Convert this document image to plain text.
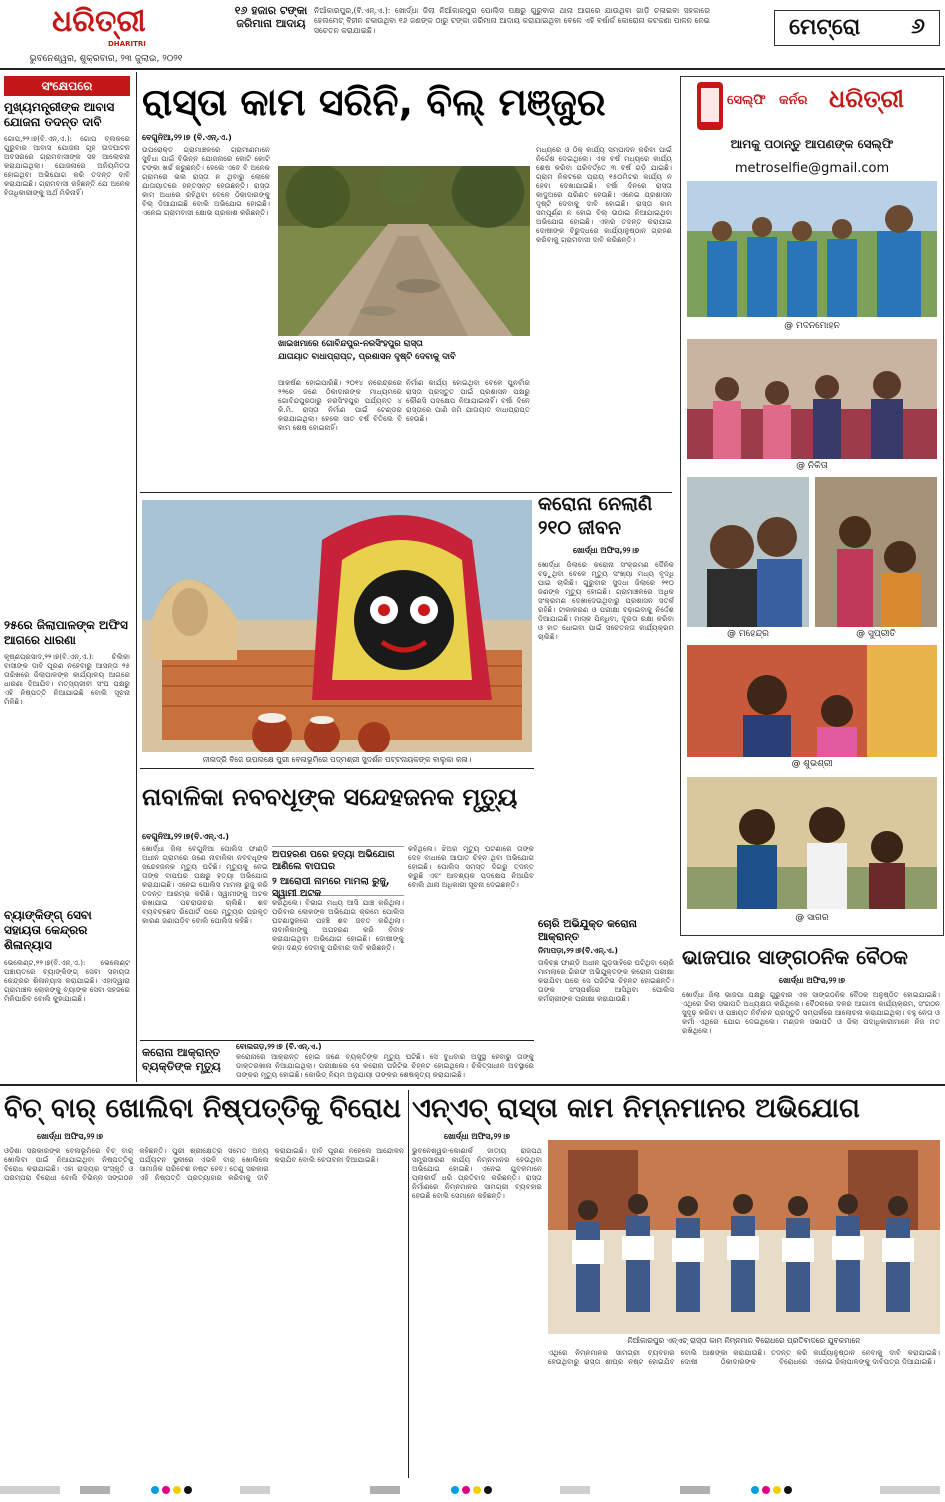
ଧରିତ୍ରୀ
DHARITRI
ଭୁବନେଶ୍ୱର, ଶୁକ୍ରବାର, ୨୩ ଜୁଲାଇ, ୨୦୨୧
୧୬ ହଜାର ଟଙ୍କା ଜରିମାନା ଆଦାୟ
ନିଆଁକାରପୁର,(ବି.ଏନ୍‌.ଏ.): ଖୋର୍ଦ୍ଧା ଜିଲା ନିଆଁକାରପୁର ପୋଲିସ ପକ୍ଷରୁ ଗୁରୁବାର ଥାନା ଆଗରେ ଯାଉଥିବା ଗାଡ଼ି ଚଳାଇବା ସହକାରେ ହେଲମେଟ୍ ବିହୀନ ଚଳାଉଥିବା ୧୬ ଜଣଙ୍କ ଠାରୁ ଟଙ୍କା ଜରିମାନା ଆଦାୟ କରାଯାଇଥିବା ବେଳେ ଏହି ବର୍ଷାର୍କ କୋରୋନା କଟକଣା ପାଳନ ନେଇ ସଚେତନ କରାଯାଇଛି।	ମେଟ୍ରୋ ୬
ସଂକ୍ଷେପରେ
ମୁଖ୍ୟମନ୍ତ୍ରୀଙ୍କ ଆବାସ ଯୋଜନା ତଦନ୍ତ ଦାବି
ଗୋପ,୨୨।୭(ବି.ଏନ୍‌.ଏ.): ଗୋପ ବ୍ଲକରେ ଗୁରୁବାର ଆବାସ ଯୋଜନା ଗୃହ ଉଦଘାଟନ ଅବସରରେ ଗ୍ରାମବାସୀଙ୍କ ସହ ଆଲୋଚନା କରାଯାଇଥିଲା। ଯୋଜନାରେ ଅନିୟମିତତା ହୋଇଥିବା ଅଭିଯୋଗ କରି ତଦନ୍ତ ଦାବି କରାଯାଇଛି। ଗ୍ରାମବାସୀ କହିଛନ୍ତି ଯେ ଅନେକ ହିତାଧିକାରୀଙ୍କୁ ଅର୍ଥ ମିଳିନାହିଁ।
୨୫ରେ ଜିଲାପାଳଙ୍କ ଅଫିସ ଆଗରେ ଧାରଣା
କୃଷ୍ଣପ୍ରସାଦ,୨୨।୭(ବି.ଏନ୍‌.ଏ.): ଚିଲିକା ବାସୀଙ୍କ ଦାବି ପୂରଣ ନହେବାରୁ ଆସନ୍ତା ୨୫ ତାରିଖରେ ଜିଲାପାଳଙ୍କ କାର୍ଯ୍ୟାଳୟ ଆଗରେ ଧାରଣା ଦିଆଯିବ। ମତ୍ସ୍ୟଜୀବୀ ସଂଘ ପକ୍ଷରୁ ଏହି ନିଷ୍ପତ୍ତି ନିଆଯାଇଛି ବୋଲି ସୂଚନା ମିଳିଛି।
ବ୍ୟାଙ୍କିଙ୍ଗ୍ ସେବା ସହାୟତା କେନ୍ଦ୍ରର ଶିଳାନ୍ୟାସ
ଭେଲେଣ୍ଟ,୨୨।୭(ବି.ଏନ୍‌.ଏ.): ଭେଲେଣ୍ଟ ପଞ୍ଚାୟତରେ ବ୍ୟାଙ୍କିଙ୍ଗ୍ ସେବା ସହାୟତା କେନ୍ଦ୍ରର ଶିଳାନ୍ୟାସ କରାଯାଇଛି। ଏହାଦ୍ୱାରା ଗ୍ରାମାଞ୍ଚଳ ଲୋକଙ୍କୁ ବ୍ୟାଙ୍କ ସେବା ସହଜରେ ମିଳିପାରିବ ବୋଲି କୁହାଯାଇଛି।
ରାସ୍ତା କାମ ସରିନି, ବିଲ୍ ମଞ୍ଜୁର
ବେଗୁନିଆ,୨୨।୭ (ବି.ଏନ୍‌.ଏ.)
ଉପରୋକ୍ତ ଗ୍ରାମାଞ୍ଚଳରେ ଗ୍ରାମୀଣମାନେ ସୁବିଧା ପାଇଁ ବିଭିନ୍ନ ଯୋଜନାରେ କୋଟି କୋଟି ଟଙ୍କା ଖର୍ଚ୍ଚ କରୁଛନ୍ତି। ହେଲେ ଏବେ ବି ଅନେକ ଗ୍ରାମରେ ଭଲ ରାସ୍ତା ନ ଥିବାରୁ ଲୋକେ ଯାତାୟାତରେ ହନ୍ତସନ୍ତ ହେଉଛନ୍ତି। ରାସ୍ତା କାମ ଅଧାରେ ରହିଥିବା ବେଳେ ଠିକାଦାରଙ୍କୁ ବିଲ୍ ଦିଆଯାଇଛି ବୋଲି ଅଭିଯୋଗ ହୋଇଛି। ଏନେଇ ଗ୍ରାମବାସୀ କ୍ଷୋଭ ପ୍ରକାଶ କରିଛନ୍ତି।
ଖାଇଖମାରେ ଗୋବିନ୍ଦପୁର-ନରସିଂହପୁର ରାସ୍ତା
ଯାତାୟାତ ବାଧାପ୍ରାପ୍ତ, ପ୍ରଶାସନ ଦୃଷ୍ଟି ଦେବାକୁ ଦାବି
ଆକର୍ଷଣ ହୋଇପାରିଛି। ୨୦୧୪ ନରେନ୍ଦ୍ରରେ ୨୨ରେ ଜଣେ ଠିକାଦାରଙ୍କ ମାଧ୍ୟମରେ ଗୋବିନ୍ଦପୁରଠାରୁ ନରସିଂହପୁର ପର୍ଯ୍ୟନ୍ତ ୪ କି.ମି. ରାସ୍ତା ନିର୍ମାଣ ପାଇଁ ଟେଣ୍ଡର କରାଯାଇଥିଲା। ହେଲେ ସାତ ବର୍ଷ ବିତିଲେ ବି କାମ ଶେଷ ହୋଇନାହିଁ।
ନିର୍ମାଣ କାର୍ଯ୍ୟ ହୋଇଥିବା ବେଳେ ପୁନର୍ବାର ରାସ୍ତା ପ୍ରସ୍ତୁତ ପାଇଁ ପ୍ରଶାସନ ପକ୍ଷରୁ କୌଣସି ପଦକ୍ଷେପ ନିଆଯାଇନାହିଁ। ବର୍ଷା ଦିନେ ରାସ୍ତାରେ ପାଣି ଜମି ଯାତାୟାତ ବାଧାପ୍ରାପ୍ତ ହେଉଛି।
ମଧ୍ୟରେ ଓ ଠିକ୍ କାର୍ଯ୍ୟ ସମ୍ପାଦନ କରିବା ପାଇଁ ନିର୍ଦ୍ଦେଶ ଦେଇଥିଲେ। ଏକ ବର୍ଷ ମଧ୍ୟରେ କାର୍ଯ୍ୟ ଶେଷ କରିବା ପରିବର୍ତ୍ତେ ୩ ବର୍ଷ ଗଡ଼ି ଯାଇଛି। ଗ୍ରାମ ନିକଟରେ ପ୍ରାୟ ୧୫୦ମିଟର କାର୍ଯ୍ୟ ନ ହେବା ଦେଖାଯାଇଛି। ବର୍ଷା ଦିନରେ ରାସ୍ତା କାଦୁଅରେ ପରିଣତ ହେଉଛି। ଏନେଇ ପ୍ରଶାସନ ଦୃଷ୍ଟି ଦେବାକୁ ଦାବି ହୋଇଛି। ରାସ୍ତା କାମ ସମ୍ପୂର୍ଣ୍ଣ ନ ହୋଇ ବିଲ୍ ଉଠାଇ ନିଆଯାଇଥିବା ଅଭିଯୋଗ ହୋଇଛି। ଏହାର ତଦନ୍ତ କରାଯାଇ ଦୋଷୀଙ୍କ ବିରୁଦ୍ଧରେ କାର୍ଯ୍ୟାନୁଷ୍ଠାନ ଗ୍ରହଣ କରିବାକୁ ଗ୍ରାମବାସୀ ଦାବି କରିଛନ୍ତି।
ନୀଳାଦ୍ରି ବିଜେ ଉପଲକ୍ଷେ ପୁରୀ ବେଳାଭୂମିରେ ପଦ୍ମଶ୍ରୀ ସୁଦର୍ଶନ ପଟ୍ଟନାୟକଙ୍କ ବାଲୁକା କଳା।
କରୋନା ନେଲାଣି ୨୧୦ ଜୀବନ
ଖୋର୍ଦ୍ଧା ଅଫିସ,୨୨।୭
ଖୋର୍ଦ୍ଧା ଜିଲାରେ କରୋନା ସଂକ୍ରମଣ ଦୈନିକ ବଢ଼ୁଥିବା ବେଳେ ମୃତ୍ୟୁ ସଂଖ୍ୟା ମଧ୍ୟ ବୃଦ୍ଧି ପାଇ ଚାଲିଛି। ଗୁରୁବାର ସୁଦ୍ଧା ଜିଲାରେ ୨୧୦ ଜଣଙ୍କ ମୃତ୍ୟୁ ହୋଇଛି। ଗ୍ରାମାଞ୍ଚଳରେ ଅଧିକ ସଂକ୍ରମଣ ଦେଖାଦେଉଥିବାରୁ ପ୍ରଶାସନ ସତର୍କ ରହିଛି। ଟୀକାକରଣ ଓ ପରୀକ୍ଷା ବଢ଼ାଇବାକୁ ନିର୍ଦ୍ଦେଶ ଦିଆଯାଇଛି। ମାସ୍କ ପିନ୍ଧିବା, ଦୂରତା ରକ୍ଷା କରିବା ଓ ହାତ ଧୋଇବା ପାଇଁ ସଚେତନତା କାର୍ଯ୍ୟକ୍ରମ ଚାଲିଛି।
ଚୋରି ଅଭିଯୁକ୍ତ କରୋନା ଆକ୍ରାନ୍ତ
ନିମାପଡ଼ା,୨୨।୭(ବି.ଏନ୍‌.ଏ.)
ତାଳିଚ୍ଛ ଫାଣ୍ଡି ଅଧୀନ ଗୁଡ଼ସାହିରେ ଘଟିଥିବା ଚୋରି ମାମଲାରେ ଗିରଫ ଅଭିଯୁକ୍ତଙ୍କ କରୋନା ପରୀକ୍ଷା କରାଯିବା ପରେ ସେ ପଜିଟିଭ ଚିହ୍ନଟ ହୋଇଛନ୍ତି। ତାଙ୍କ ସଂସ୍ପର୍ଶରେ ଆସିଥିବା ପୋଲିସ କର୍ମଚାରୀଙ୍କ ପରୀକ୍ଷା କରାଯାଉଛି।
ନାବାଳିକା ନବବଧୂଙ୍କ ସନ୍ଦେହଜନକ ମୃତ୍ୟୁ
ବେଗୁନିଆ,୨୨।୭(ବି.ଏନ୍‌.ଏ.)
ଖୋର୍ଦ୍ଧା ଜିଲା ବେଗୁନିଆ ପୋଲିସ ଫାଣ୍ଡି ଅଧୀନ ଗ୍ରାମରେ ଜଣେ ନାବାଳିକା ନବବଧୂଙ୍କ ସନ୍ଦେହଜନକ ମୃତ୍ୟୁ ଘଟିଛି। ମୃତ୍ୟୁକୁ ନେଇ ତାଙ୍କ ବାପଘର ପକ୍ଷରୁ ହତ୍ୟା ଅଭିଯୋଗ କରାଯାଇଛି। ଏନେଇ ପୋଲିସ ମାମଲା ରୁଜୁ କରି ତଦନ୍ତ ଆରମ୍ଭ କରିଛି। ସ୍ୱାମୀଙ୍କୁ ଅଟକ ରଖାଯାଇ ପଚରାଉଚରା ଚାଲିଛି। ଶବ ବ୍ୟବଚ୍ଛେଦ ରିପୋର୍ଟ ପରେ ମୃତ୍ୟୁର ପ୍ରକୃତ କାରଣ ଜଣାପଡ଼ିବ ବୋଲି ପୋଲିସ କହିଛି।
ଅପହରଣ ପରେ ହତ୍ୟା ଅଭିଯୋଗ ଆଣିଲେ ବାପଘର
୨ ଆରୋପୀ ନାମରେ ମାମଲା ରୁଜୁ, ସ୍ୱାମୀ ଅଟକ
କରିଥିଲେ। ବିଭାଗ ମଧ୍ୟ ଆସି ଯାଞ୍ଚ କରିଥିଲା। ପରିବାର ଲୋକଙ୍କ ଅଭିଯୋଗ କ୍ରମେ ପୋଲିସ ଘଟଣାସ୍ଥଳରେ ପହଞ୍ଚି ଶବ ଜବତ କରିଥିଲା। ନାବାଳିକାଙ୍କୁ ଅପହରଣ କରି ବିବାହ କରାଯାଇଥିବା ଅଭିଯୋଗ ହୋଇଛି। ଦୋଷୀଙ୍କୁ କଡ଼ା ଦଣ୍ଡ ଦେବାକୁ ପରିବାର ଦାବି କରିଛନ୍ତି।
କହିଥିଲେ। ଝିଅର ମୃତ୍ୟୁ ଘଟଣାରେ ତାଙ୍କ ଦେହ ବାଧାରେ ଆଘାତ ଚିହ୍ନ ଥିବା ଅଭିଯୋଗ ହୋଇଛି। ପୋଲିସ ସମସ୍ତ ଦିଗରୁ ତଦନ୍ତ କରୁଛି ଏବଂ ଆବଶ୍ୟକ ପଦକ୍ଷେପ ନିଆଯିବ ବୋଲି ଥାନା ଅଧିକାରୀ ସୂଚନା ଦେଇଛନ୍ତି।
କରୋନା ଆକ୍ରାନ୍ତ
ବ୍ୟକ୍ତିଙ୍କ ମୃତ୍ୟୁ
ବୋଲଗଡ଼,୨୨।୭ (ବି.ଏନ୍‌.ଏ.)
କରୋନାରେ ଆକ୍ରାନ୍ତ ହୋଇ ଜଣେ ବ୍ୟକ୍ତିଙ୍କ ମୃତ୍ୟୁ ଘଟିଛି। ସେ ବୁଧବାର ଅସୁସ୍ଥ ହେବାରୁ ତାଙ୍କୁ ଡାକ୍ତରଖାନା ନିଆଯାଇଥିଲା। ପରୀକ୍ଷାରେ ସେ କରୋନା ପଜିଟିଭ ଚିହ୍ନଟ ହୋଇଥିଲେ। ଚିକିତ୍ସାଧୀନ ଅବସ୍ଥାରେ ତାଙ୍କର ମୃତ୍ୟୁ ହୋଇଛି। କୋଭିଡ୍ ନିୟମ ଅନୁଯାୟୀ ତାଙ୍କର ଶେଷକୃତ୍ୟ କରାଯାଇଛି।
ସେଲ୍ଫି କର୍ନର ଧରିତ୍ରୀ
ଆମକୁ ପଠାନ୍ତୁ ଆପଣଙ୍କ ସେଲ୍ଫି
metroselfie@gmail.com
@ ମଦନମୋହନ
@ ନିକିତା
@ ମହେନ୍ଦ୍ର	@ ସୁପ୍ରୀତି
@ ଶୁଭଶ୍ରୀ
@ ସାଗର
ଭାଜପାର ସାଙ୍ଗଠନିକ ବୈଠକ
ଖୋର୍ଦ୍ଧା ଅଫିସ,୨୨।୭
ଖୋର୍ଦ୍ଧା ଜିଲା ଭାଜପା ପକ୍ଷରୁ ଗୁରୁବାର ଏକ ସାଙ୍ଗଠନିକ ବୈଠକ ଅନୁଷ୍ଠିତ ହୋଇଯାଇଛି। ଏଥିରେ ଜିଲା ସଭାପତି ଅଧ୍ୟକ୍ଷତା କରିଥିଲେ। ବୈଠକରେ ଦଳର ଆଗାମୀ କାର୍ଯ୍ୟକ୍ରମ, ସଂଗଠନ ସୁଦୃଢ଼ କରିବା ଓ ପଞ୍ଚାୟତ ନିର୍ବାଚନ ପ୍ରସ୍ତୁତି ସମ୍ପର୍କରେ ଆଲୋଚନା କରାଯାଇଥିଲା। ବହୁ ନେତା ଓ କର୍ମୀ ଏଥିରେ ଯୋଗ ଦେଇଥିଲେ। ମଣ୍ଡଳ ସଭାପତି ଓ ଜିଲା ପଦାଧିକାରୀମାନେ ନିଜ ମତ ରଖିଥିଲେ।
ବିଚ୍ ବାର୍ ଖୋଲିବା ନିଷ୍ପତ୍ତିକୁ ବିରୋଧ
ଖୋର୍ଦ୍ଧା ଅଫିସ,୨୨।୭
ଓଡ଼ିଶା ସରକାରଙ୍କ ବେଳାଭୂମିରେ ବିଚ୍ ବାର୍ ଖୋଲିବା ପାଇଁ ନିଆଯାଇଥିବା ନିଷ୍ପତ୍ତିକୁ ବିରୋଧ କରାଯାଇଛି। ଏହା ରାଜ୍ୟର ସଂସ୍କୃତି ଓ ପରମ୍ପରା ବିରୋଧୀ ବୋଲି ବିଭିନ୍ନ ସଙ୍ଗଠନ କହିଛନ୍ତି। ପୁରୀ ଶ୍ରୀକ୍ଷେତ୍ର ସମେତ ଅନ୍ୟ ପର୍ଯ୍ୟଟନ ସ୍ଥଳୀରେ ଏଭଳି ବାର୍ ଖୋଲିଲେ ସାମାଜିକ ପରିବେଶ ନଷ୍ଟ ହେବ। ତେଣୁ ସରକାର ଏହି ନିଷ୍ପତ୍ତି ପ୍ରତ୍ୟାହାର କରିବାକୁ ଦାବି କରାଯାଇଛି। ଦାବି ପୂରଣ ନହେଲେ ଆନ୍ଦୋଳନ କରାଯିବ ବୋଲି ଚେତାବନୀ ଦିଆଯାଇଛି।
ଏନ୍‌ଏଚ୍ ରାସ୍ତା କାମ ନିମ୍ନମାନର ଅଭିଯୋଗ
ଖୋର୍ଦ୍ଧା ଅଫିସ,୨୨।୭
ଭୁବନେଶ୍ୱର-କୋଣାର୍କ ଜାତୀୟ ରାଜପଥ ସମ୍ପ୍ରସାରଣ କାର୍ଯ୍ୟ ନିମ୍ନମାନର ହେଉଥିବା ଅଭିଯୋଗ ହୋଇଛି। ଏନେଇ ଯୁବକମାନେ ପ୍ଲାକାର୍ଡ ଧରି ପ୍ରତିବାଦ କରିଛନ୍ତି। ରାସ୍ତା ନିର୍ମାଣରେ ନିମ୍ନମାନର ସାମଗ୍ରୀ ବ୍ୟବହାର ହେଉଛି ବୋଲି ସେମାନେ କହିଛନ୍ତି।
ନିଆଁକାରପୁର ଏନ୍‌ଏଚ୍ ରାସ୍ତା କାମ ନିମ୍ନମାନ ବିରୋଧରେ ପ୍ରତିବାଦରେ ଯୁବକମାନେ
ଏଥିରେ ନିମ୍ନମାନର ସାମଗ୍ରୀ ବ୍ୟବହାର ହେଉଥିବାରୁ ରାସ୍ତା ଶୀଘ୍ର ନଷ୍ଟ ହୋଇଯିବ ବୋଲି ଆଶଙ୍କା କରାଯାଉଛି। ତଦନ୍ତ କରି ଦୋଷୀ ଠିକାଦାରଙ୍କ ବିରୋଧରେ କାର୍ଯ୍ୟାନୁଷ୍ଠାନ ନେବାକୁ ଦାବି କରାଯାଇଛି। ଏନେଇ ଜିଲାପାଳଙ୍କୁ ଦାବିପତ୍ର ଦିଆଯାଇଛି।
